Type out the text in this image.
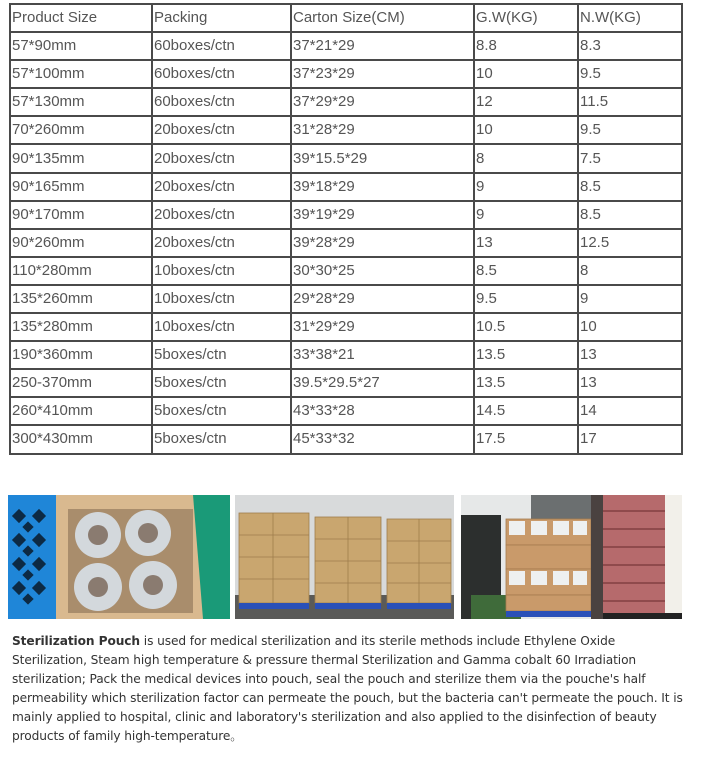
Product Size	Packing	Carton Size(CM)	G.W(KG)	N.W(KG)
57*90mm	60boxes/ctn	37*21*29	8.8	8.3
57*100mm	60boxes/ctn	37*23*29	10	9.5
57*130mm	60boxes/ctn	37*29*29	12	11.5
70*260mm	20boxes/ctn	31*28*29	10	9.5
90*135mm	20boxes/ctn	39*15.5*29	8	7.5
90*165mm	20boxes/ctn	39*18*29	9	8.5
90*170mm	20boxes/ctn	39*19*29	9	8.5
90*260mm	20boxes/ctn	39*28*29	13	12.5
110*280mm	10boxes/ctn	30*30*25	8.5	8
135*260mm	10boxes/ctn	29*28*29	9.5	9
135*280mm	10boxes/ctn	31*29*29	10.5	10
190*360mm	5boxes/ctn	33*38*21	13.5	13
250-370mm	5boxes/ctn	39.5*29.5*27	13.5	13
260*410mm	5boxes/ctn	43*33*28	14.5	14
300*430mm	5boxes/ctn	45*33*32	17.5	17

Sterilization Pouch is used for medical sterilization and its sterile methods include Ethylene Oxide Sterilization, Steam high temperature & pressure thermal Sterilization and Gamma cobalt 60 Irradiation sterilization; Pack the medical devices into pouch, seal the pouch and sterilize them via the pouche's half permeability which sterilization factor can permeate the pouch, but the bacteria can't permeate the pouch. It is mainly applied to hospital, clinic and laboratory's sterilization and also applied to the disinfection of beauty products of family high-temperature。
